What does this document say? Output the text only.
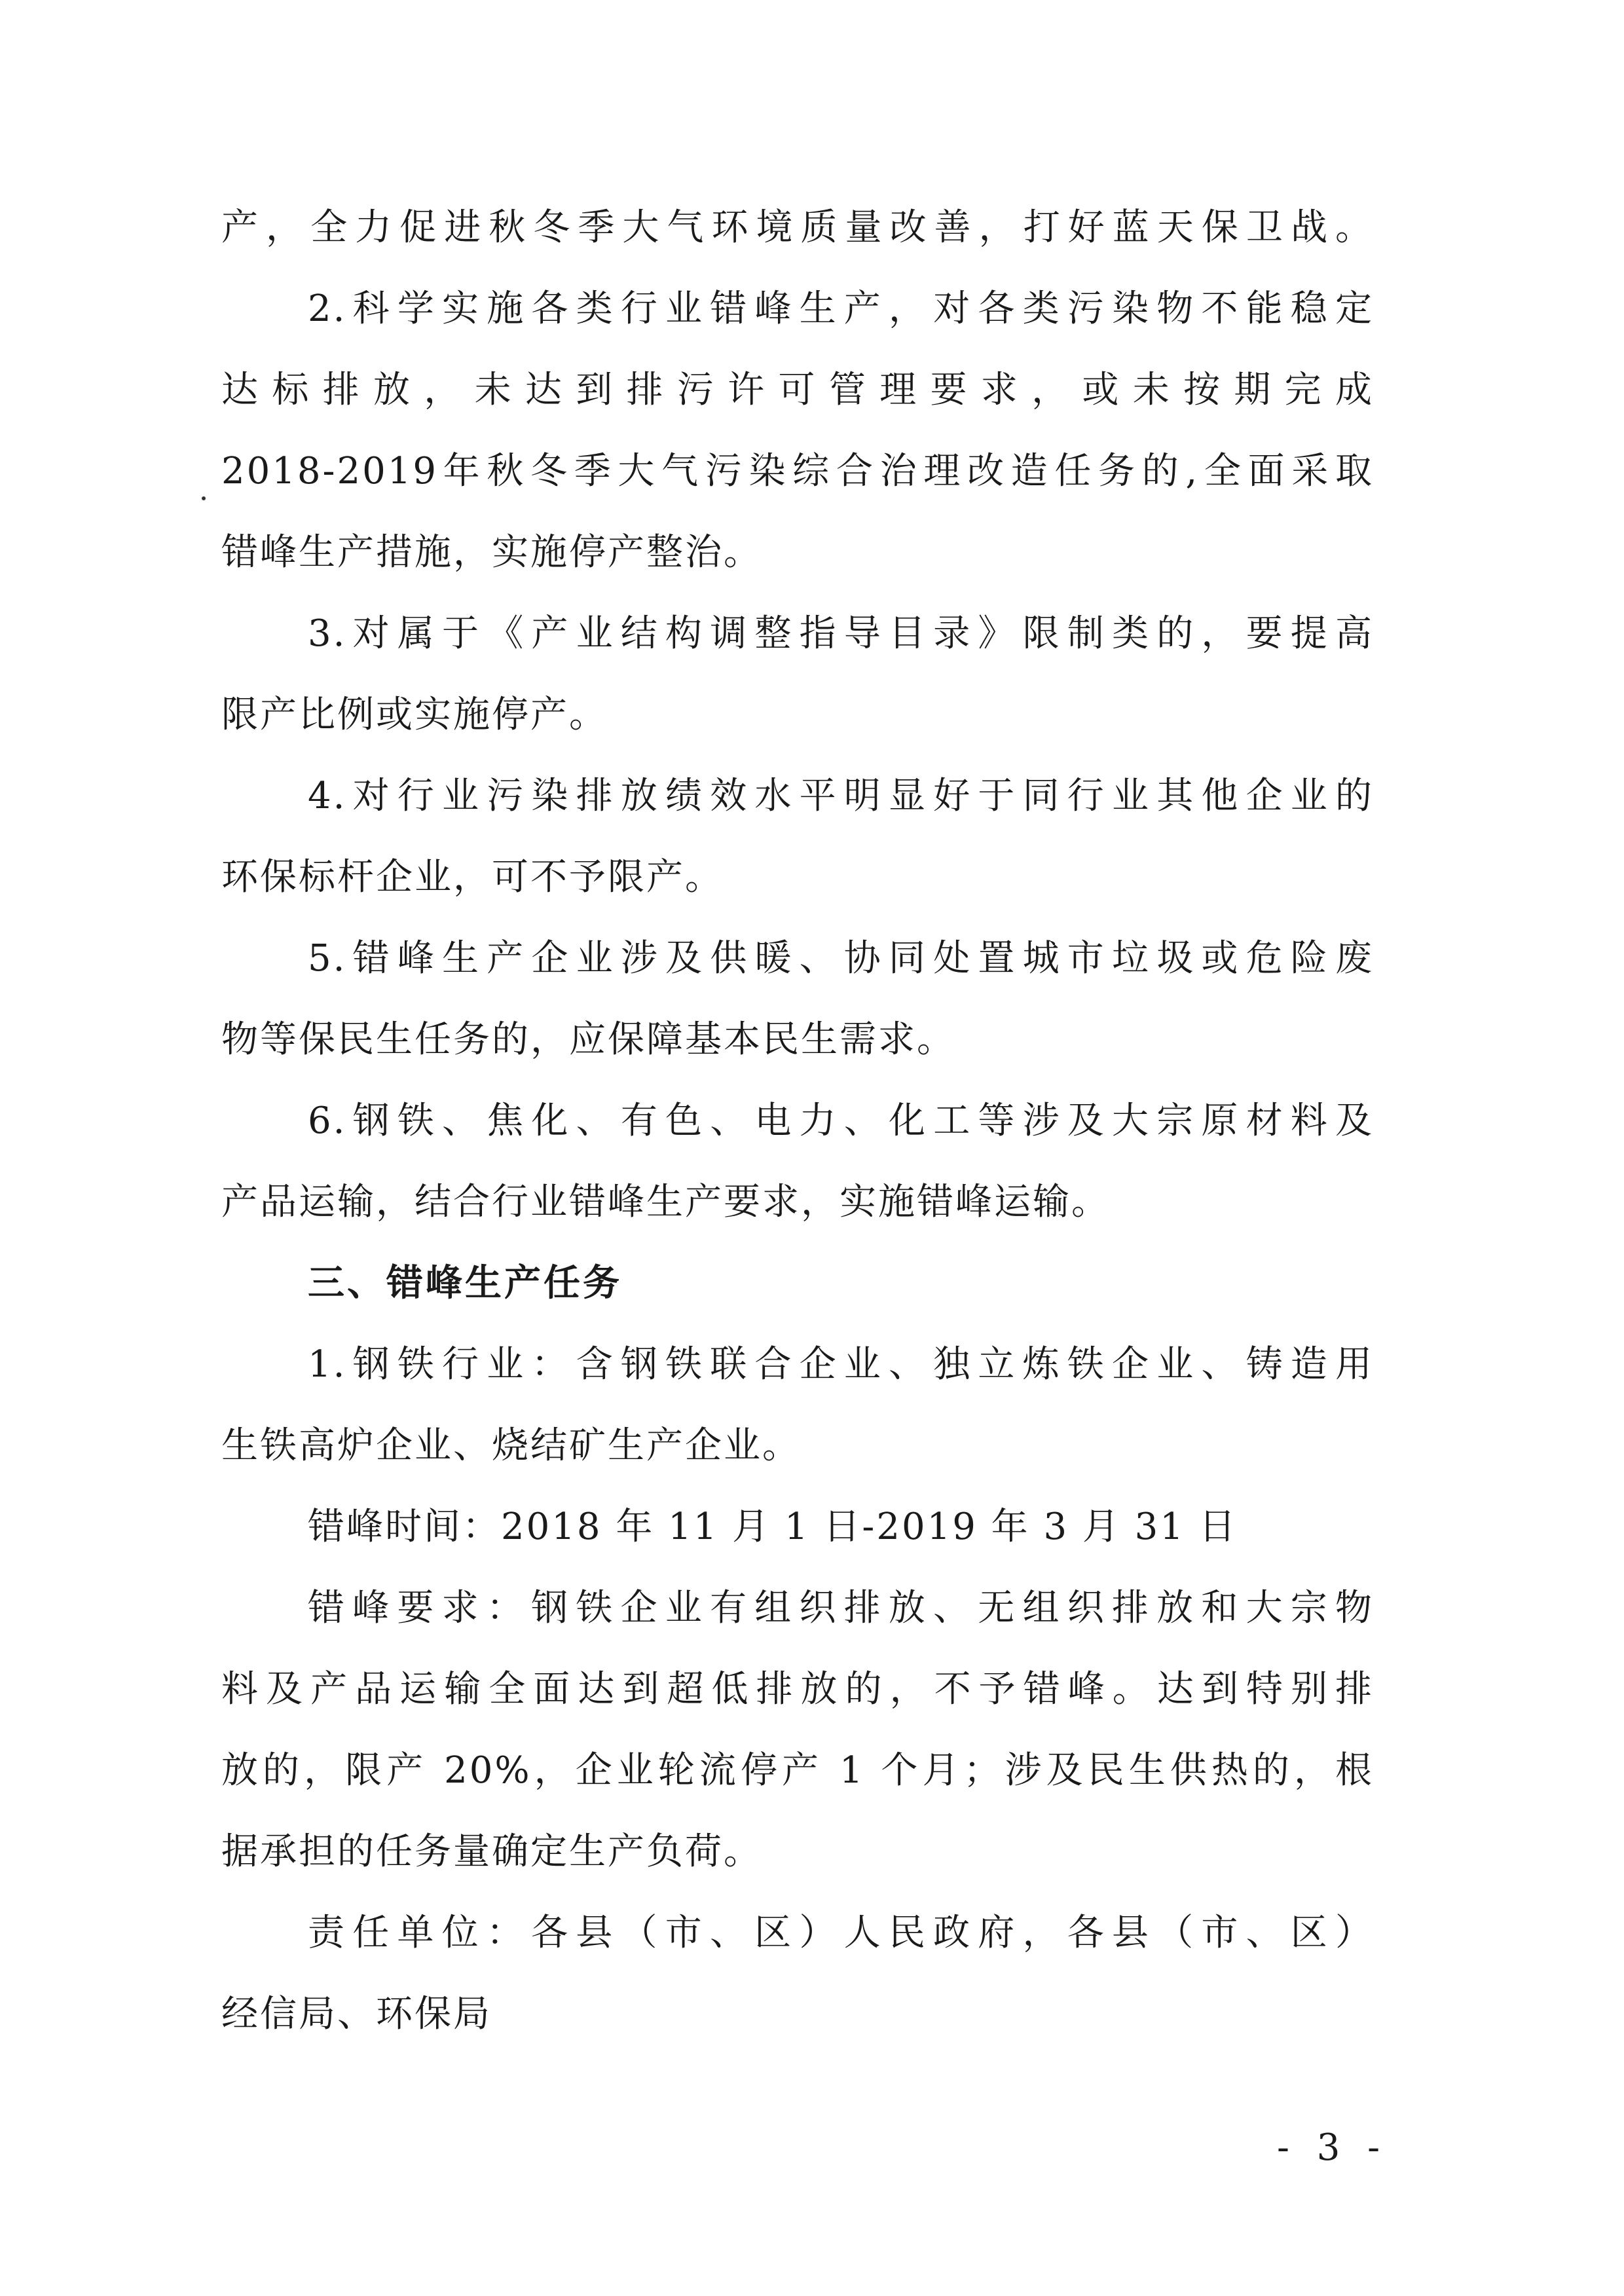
产，全力促进秋冬季大气环境质量改善，打好蓝天保卫战。
2.科学实施各类行业错峰生产，对各类污染物不能稳定
达标排放，未达到排污许可管理要求，或未按期完成
2018-2019年秋冬季大气污染综合治理改造任务的,全面采取
错峰生产措施，实施停产整治。
3.对属于《产业结构调整指导目录》限制类的，要提高
限产比例或实施停产。
4.对行业污染排放绩效水平明显好于同行业其他企业的
环保标杆企业，可不予限产。
5.错峰生产企业涉及供暖、协同处置城市垃圾或危险废
物等保民生任务的，应保障基本民生需求。
6.钢铁、焦化、有色、电力、化工等涉及大宗原材料及
产品运输，结合行业错峰生产要求，实施错峰运输。
三、错峰生产任务
1.钢铁行业：含钢铁联合企业、独立炼铁企业、铸造用
生铁高炉企业、烧结矿生产企业。
错峰时间：2018 年 11 月 1 日-2019 年 3 月 31 日
错峰要求：钢铁企业有组织排放、无组织排放和大宗物
料及产品运输全面达到超低排放的，不予错峰。达到特别排
放的，限产 20%，企业轮流停产 1 个月；涉及民生供热的，根
据承担的任务量确定生产负荷。
责任单位：各县（市、区）人民政府，各县（市、区）
经信局、环保局
- 3 -
